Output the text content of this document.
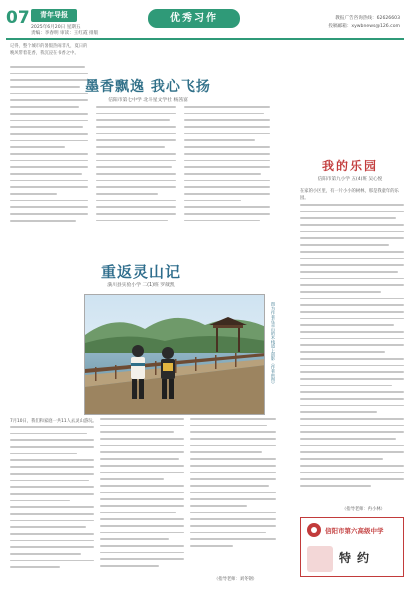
07	青年导报
2025年6月20日 星期五
责编：李春明 审读：王红霞 排版
优秀习作	教报广告咨询热线：62626603
投稿邮箱：xywbnews@126.com
记得，整个城市的暑假热闹非凡，夏日的晚风带着花香，我沉浸在书香之中。
墨香飘逸 我心飞扬
信阳市第七中学 北斗星文学社 杨茜富
重返灵山记
潢川县实验小学 二(1)班 罗葳凯
图为作者在灵山的木栈道上留影（作者供图）
7月10日，我们和家庭一共11人去灵山游玩。
（指导老师：刘冬钢）
我的乐园
信阳市第九小学 五(4)班 吴心悦
在家的小区里，有一片小小的树林，那是我童年的乐园。
（指导老师：冉小林）
信阳市第六高级中学
特约
